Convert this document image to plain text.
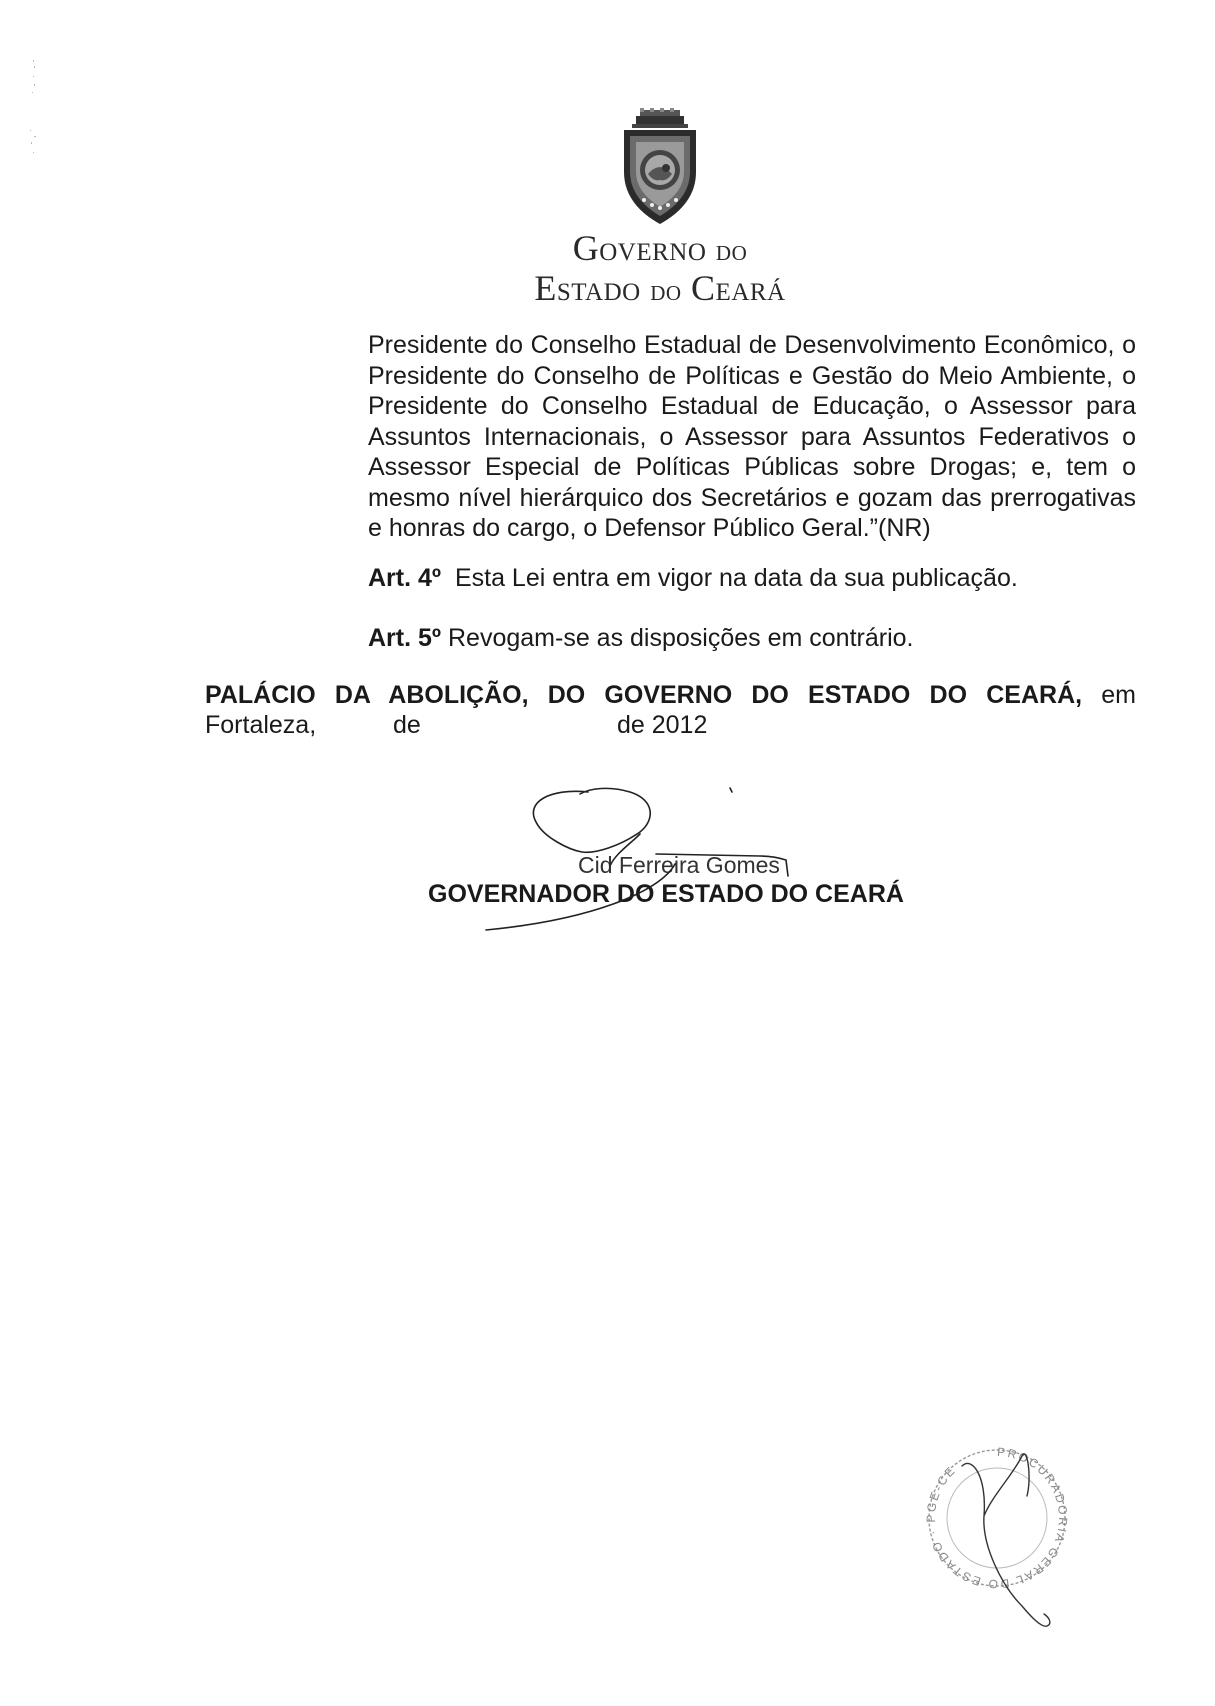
Governo do
Estado do Ceará
Presidente do Conselho Estadual de Desenvolvimento Econômico, o
Presidente do Conselho de Políticas e Gestão do Meio Ambiente, o
Presidente do Conselho Estadual de Educação, o Assessor para
Assuntos Internacionais, o Assessor para Assuntos Federativos o
Assessor Especial de Políticas Públicas sobre Drogas; e, tem o
mesmo nível hierárquico dos Secretários e gozam das prerrogativas
e honras do cargo, o Defensor Público Geral.”(NR)
Art. 4º Esta Lei entra em vigor na data da sua publicação.
Art. 5º Revogam-se as disposições em contrário.
PALÁCIO DA ABOLIÇÃO, DO GOVERNO DO ESTADO DO CEARÁ, em
Fortaleza,	de	de 2012
Cid Ferreira Gomes
GOVERNADOR DO ESTADO DO CEARÁ
PROCURADORIA GERAL DO ESTADO · PGE-CE
